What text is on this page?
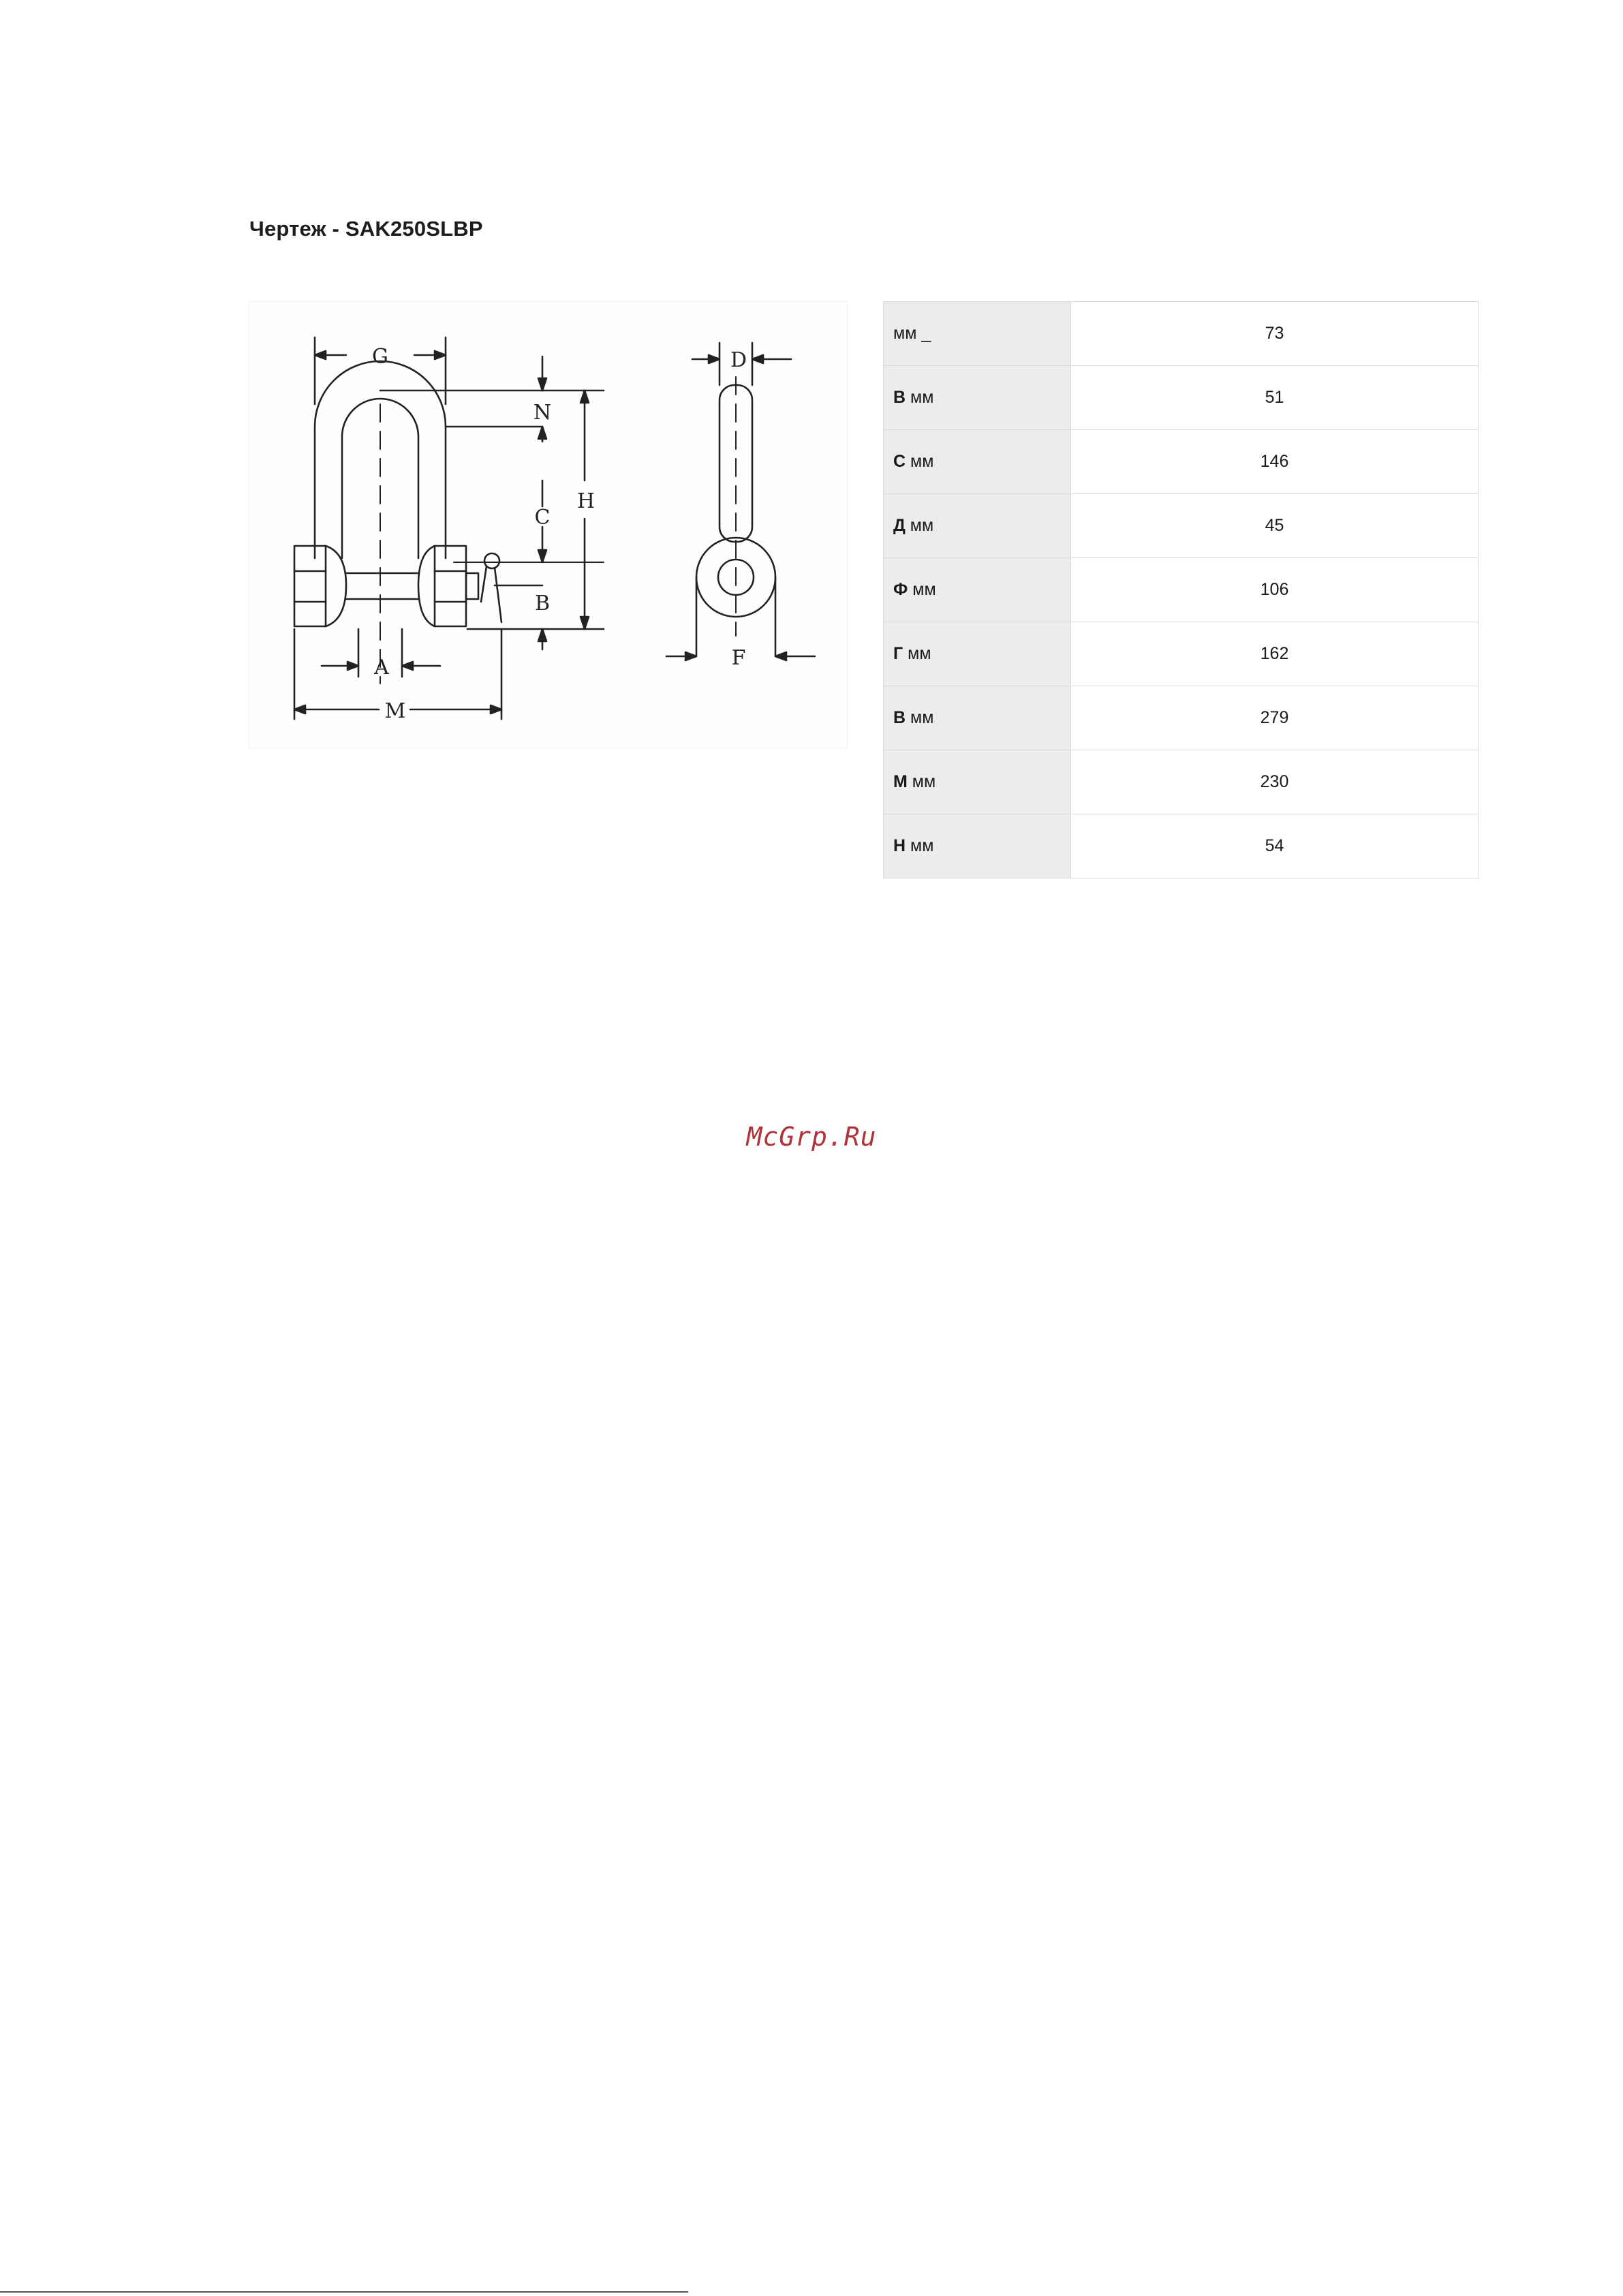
Чертеж - SAK250SLBP
G
N
C
H
B
A
M
D
F
мм _	73
В мм	51
С мм	146
Д мм	45
Ф мм	106
Г мм	162
В мм	279
М мм	230
Н мм	54
McGrp.Ru
